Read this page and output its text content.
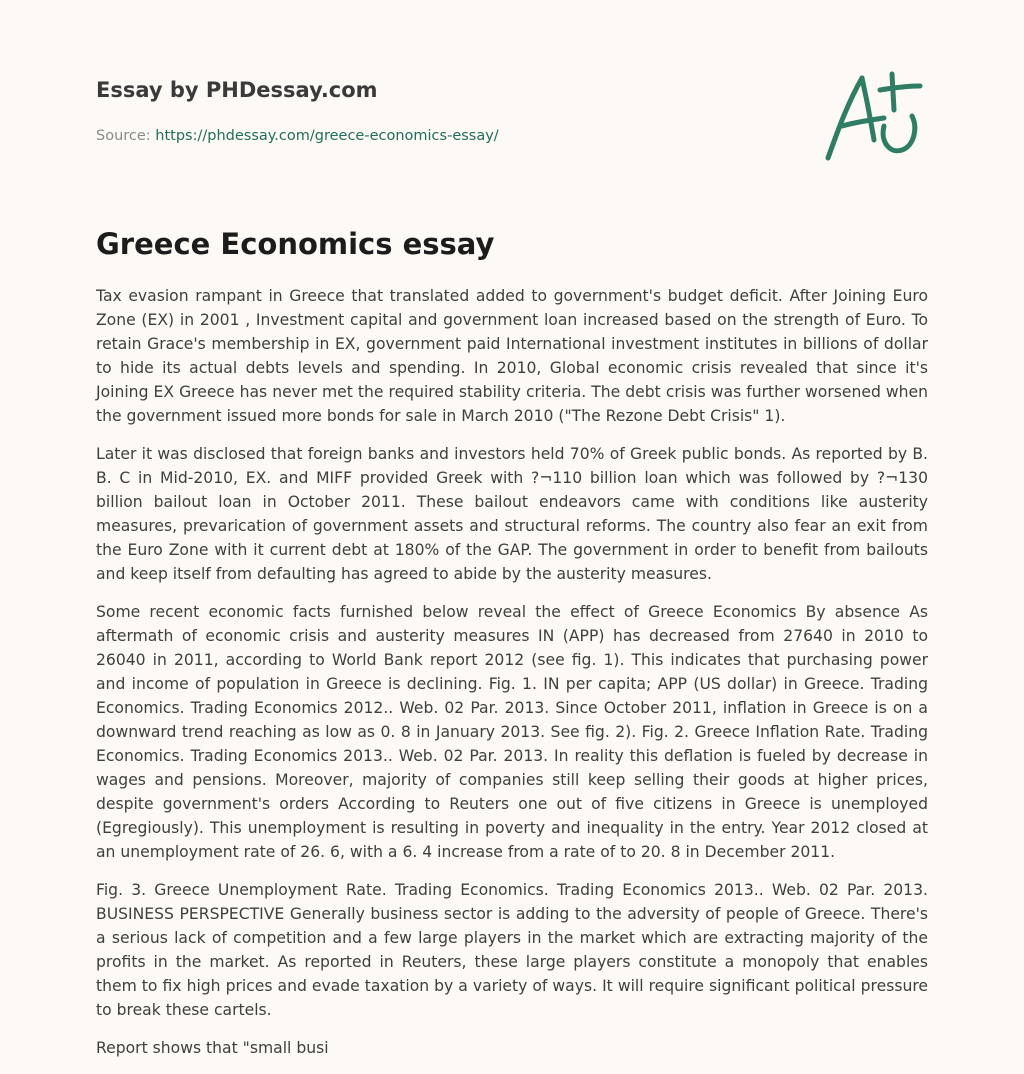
Essay by PHDessay.com
Source: https://phdessay.com/greece-economics-essay/
Greece Economics essay

Tax evasion rampant in Greece that translated added to government's budget deficit. After Joining Euro Zone (EX) in 2001 , Investment capital and government loan increased based on the strength of Euro. To retain Grace's membership in EX, government paid International investment institutes in billions of dollar to hide its actual debts levels and spending. In 2010, Global economic crisis revealed that since it's Joining EX Greece has never met the required stability criteria. The debt crisis was further worsened when the government issued more bonds for sale in March 2010 ("The Rezone Debt Crisis" 1).

Later it was disclosed that foreign banks and investors held 70% of Greek public bonds. As reported by B. B. C in Mid-2010, EX. and MIFF provided Greek with ?¬110 billion loan which was followed by ?¬130 billion bailout loan in October 2011. These bailout endeavors came with conditions like austerity measures, prevarication of government assets and structural reforms. The country also fear an exit from the Euro Zone with it current debt at 180% of the GAP. The government in order to benefit from bailouts and keep itself from defaulting has agreed to abide by the austerity measures.

Some recent economic facts furnished below reveal the effect of Greece Economics By absence As aftermath of economic crisis and austerity measures IN (APP) has decreased from 27640 in 2010 to 26040 in 2011, according to World Bank report 2012 (see fig. 1). This indicates that purchasing power and income of population in Greece is declining. Fig. 1. IN per capita; APP (US dollar) in Greece. Trading Economics. Trading Economics 2012.. Web. 02 Par. 2013. Since October 2011, inflation in Greece is on a downward trend reaching as low as 0. 8 in January 2013. See fig. 2). Fig. 2. Greece Inflation Rate. Trading Economics. Trading Economics 2013.. Web. 02 Par. 2013. In reality this deflation is fueled by decrease in wages and pensions. Moreover, majority of companies still keep selling their goods at higher prices, despite government's orders According to Reuters one out of five citizens in Greece is unemployed (Egregiously). This unemployment is resulting in poverty and inequality in the entry. Year 2012 closed at an unemployment rate of 26. 6, with a 6. 4 increase from a rate of to 20. 8 in December 2011.

Fig. 3. Greece Unemployment Rate. Trading Economics. Trading Economics 2013.. Web. 02 Par. 2013. BUSINESS PERSPECTIVE Generally business sector is adding to the adversity of people of Greece. There's a serious lack of competition and a few large players in the market which are extracting majority of the profits in the market. As reported in Reuters, these large players constitute a monopoly that enables them to fix high prices and evade taxation by a variety of ways. It will require significant political pressure to break these cartels.

Report shows that "small busi
